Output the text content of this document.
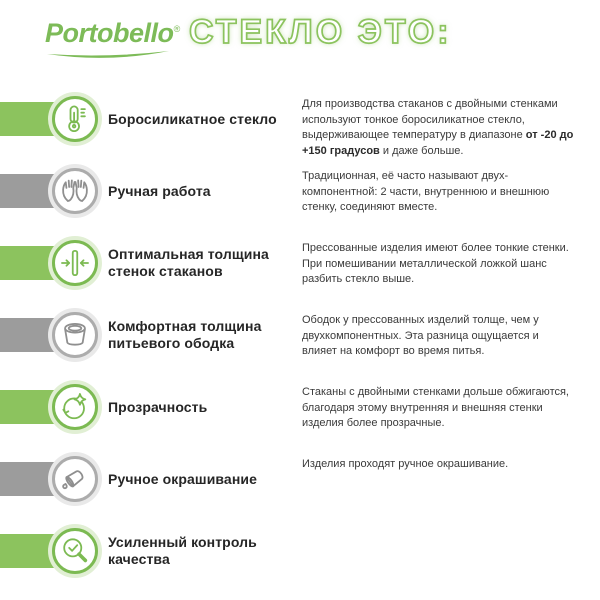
Portobello® СТЕКЛО ЭТО:
Боросиликатное стекло
Для производства стаканов с двойными стенками используют тонкое боросиликатное стекло, выдерживающее температуру в диапазоне от -20 до +150 градусов и даже больше.
Ручная работа
Традиционная, её часто называют двух-компонентной: 2 части, внутреннюю и внешнюю стенку, соединяют вместе.
Оптимальная толщина стенок стаканов
Прессованные изделия имеют более тонкие стенки. При помешивании металлической ложкой шанс разбить стекло выше.
Комфортная толщина питьевого ободка
Ободок у прессованных изделий толще, чем у двухкомпонентных. Эта разница ощущается и влияет на комфорт во время питья.
Прозрачность
Стаканы с двойными стенками дольше обжигаются, благодаря этому внутренняя и внешняя стенки изделия более прозрачные.
Ручное окрашивание
Изделия проходят ручное окрашивание.
Усиленный контроль качества
